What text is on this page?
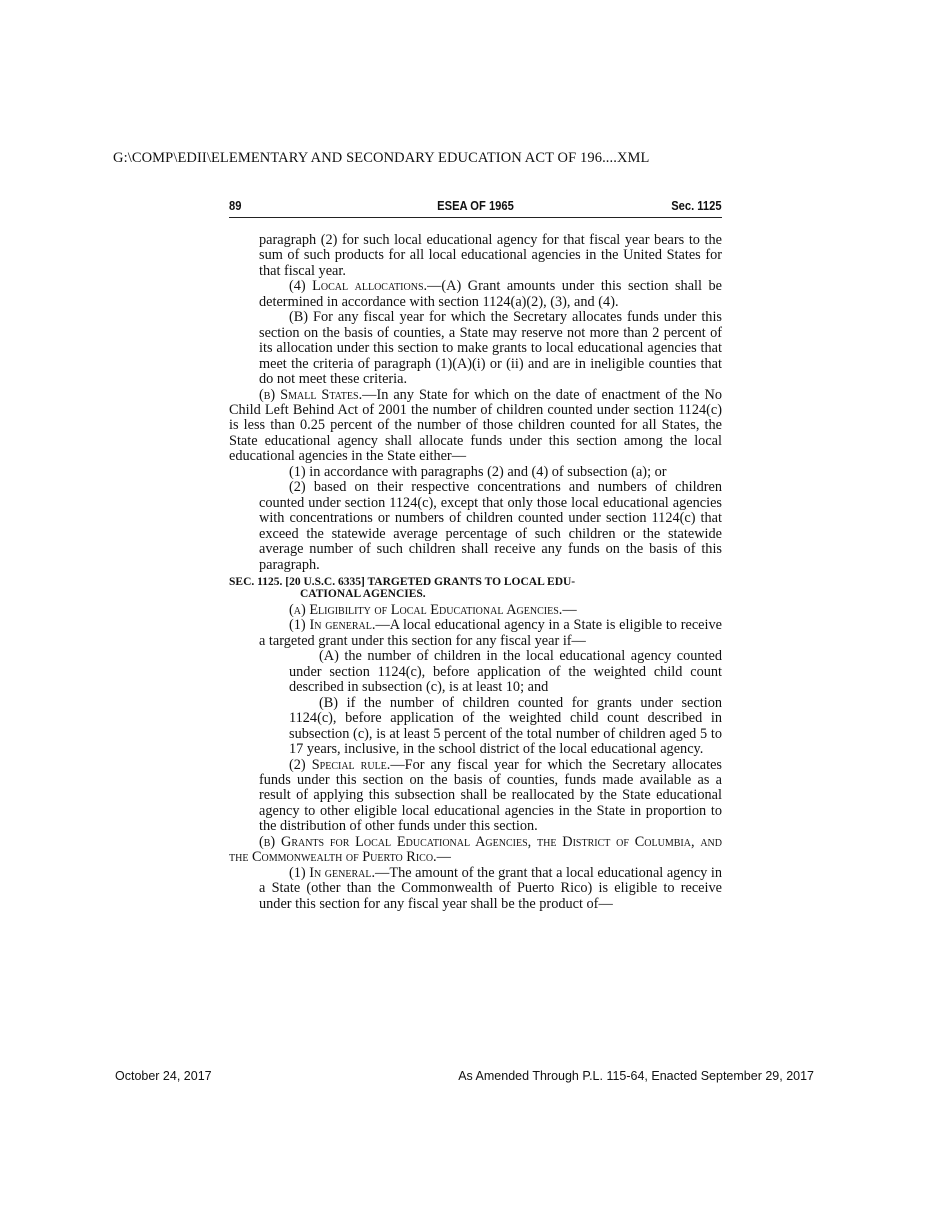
G:\COMP\EDII\ELEMENTARY AND SECONDARY EDUCATION ACT OF 196....XML
89	ESEA OF 1965	Sec. 1125

paragraph (2) for such local educational agency for that fiscal year bears to the sum of such products for all local educational agencies in the United States for that fiscal year.

(4) Local allocations.—(A) Grant amounts under this section shall be determined in accordance with section 1124(a)(2), (3), and (4).

(B) For any fiscal year for which the Secretary allocates funds under this section on the basis of counties, a State may reserve not more than 2 percent of its allocation under this section to make grants to local educational agencies that meet the criteria of paragraph (1)(A)(i) or (ii) and are in ineligible counties that do not meet these criteria.

(b) Small States.—In any State for which on the date of enactment of the No Child Left Behind Act of 2001 the number of children counted under section 1124(c) is less than 0.25 percent of the number of those children counted for all States, the State educational agency shall allocate funds under this section among the local educational agencies in the State either—

(1) in accordance with paragraphs (2) and (4) of subsection (a); or

(2) based on their respective concentrations and numbers of children counted under section 1124(c), except that only those local educational agencies with concentrations or numbers of children counted under section 1124(c) that exceed the statewide average percentage of such children or the statewide average number of such children shall receive any funds on the basis of this paragraph.

SEC. 1125. [20 U.S.C. 6335] TARGETED GRANTS TO LOCAL EDU-
CATIONAL AGENCIES.

(a) Eligibility of Local Educational Agencies.—

(1) In general.—A local educational agency in a State is eligible to receive a targeted grant under this section for any fiscal year if—

(A) the number of children in the local educational agency counted under section 1124(c), before application of the weighted child count described in subsection (c), is at least 10; and

(B) if the number of children counted for grants under section 1124(c), before application of the weighted child count described in subsection (c), is at least 5 percent of the total number of children aged 5 to 17 years, inclusive, in the school district of the local educational agency.

(2) Special rule.—For any fiscal year for which the Secretary allocates funds under this section on the basis of counties, funds made available as a result of applying this subsection shall be reallocated by the State educational agency to other eligible local educational agencies in the State in proportion to the distribution of other funds under this section.

(b) Grants for Local Educational Agencies, the District of Columbia, and the Commonwealth of Puerto Rico.—

(1) In general.—The amount of the grant that a local educational agency in a State (other than the Commonwealth of Puerto Rico) is eligible to receive under this section for any fiscal year shall be the product of—

October 24, 2017	As Amended Through P.L. 115-64, Enacted September 29, 2017
